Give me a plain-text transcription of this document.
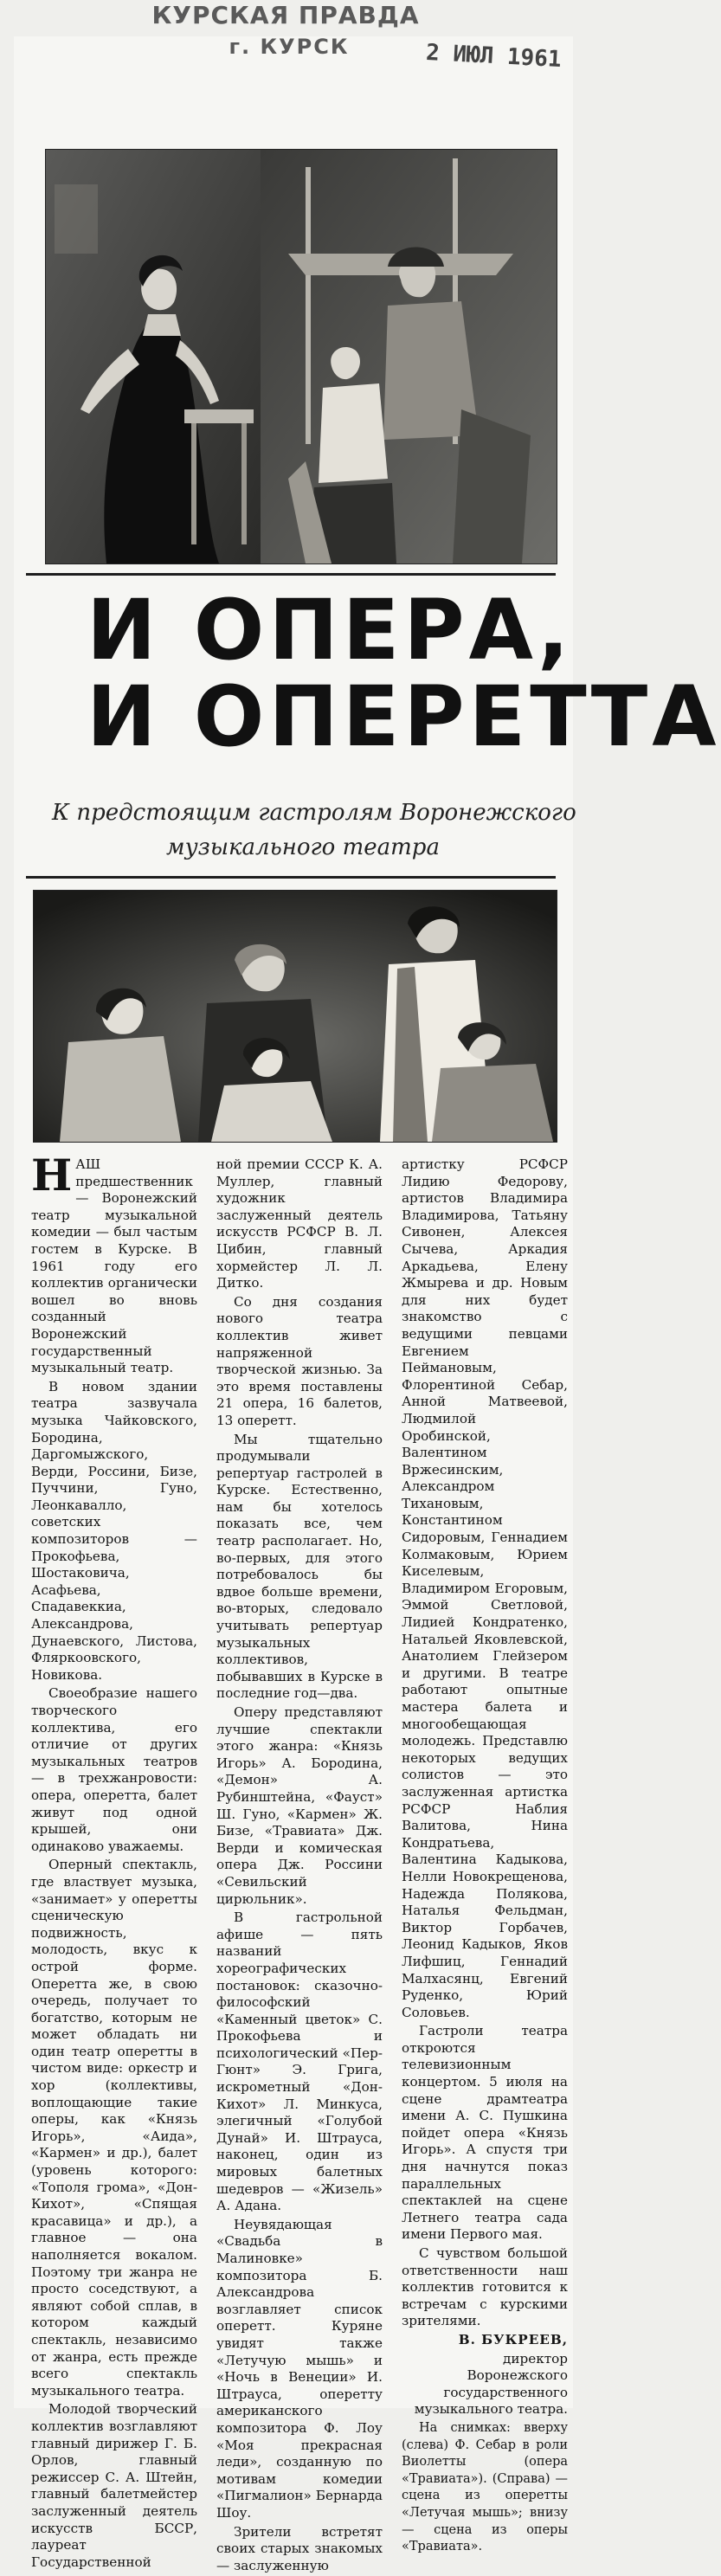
КУРСКАЯ ПРАВДА
г. КУРСК	2 ИЮЛ 1961
И ОПЕРА,
И ОПЕРЕТТА
К предстоящим гастролям Воронежского
музыкального театра

НАШ предшественник — Воронежский театр музыкальной комедии — был частым гостем в Курске. В 1961 году его коллектив органически вошел во вновь созданный Воронежский государственный музыкальный театр.

В новом здании театра зазвучала музыка Чайковского, Бородина, Даргомыжского, Верди, Россини, Бизе, Пуччини, Гуно, Леонкавалло, советских композиторов — Прокофьева, Шостаковича, Асафьева, Спадавеккиа, Александрова, Дунаевского, Листова, Фляркоовского, Новикова.

Своеобразие нашего творческого коллектива, его отличие от других музыкальных театров — в трехжанровости: опера, оперетта, балет живут под одной крышей, они одинаково уважаемы.

Оперный спектакль, где властвует музыка, «занимает» у оперетты сценическую подвижность, молодость, вкус к острой форме. Оперетта же, в свою очередь, получает то богатство, которым не может обладать ни один театр оперетты в чистом виде: оркестр и хор (коллективы, воплощающие такие оперы, как «Князь Игорь», «Аида», «Кармен» и др.), балет (уровень которого: «Тополя грома», «Дон-Кихот», «Спящая красавица» и др.), а главное — она наполняется вокалом. Поэтому три жанра не просто соседствуют, а являют собой сплав, в котором каждый спектакль, независимо от жанра, есть прежде всего спектакль музыкального театра.

Молодой творческий коллектив возглавляют главный дирижер Г. Б. Орлов, главный режиссер С. А. Штейн, главный балетмейстер заслуженный деятель искусств БССР, лауреат Государственной

ной премии СССР К. А. Муллер, главный художник заслуженный деятель искусств РСФСР В. Л. Цибин, главный хормейстер Л. Л. Дитко.

Со дня создания нового театра коллектив живет напряженной творческой жизнью. За это время поставлены 21 опера, 16 балетов, 13 оперетт.

Мы тщательно продумывали репертуар гастролей в Курске. Естественно, нам бы хотелось показать все, чем театр располагает. Но, во-первых, для этого потребовалось бы вдвое больше времени, во-вторых, следовало учитывать репертуар музыкальных коллективов, побывавших в Курске в последние год—два.

Оперу представляют лучшие спектакли этого жанра: «Князь Игорь» А. Бородина, «Демон» А. Рубинштейна, «Фауст» Ш. Гуно, «Кармен» Ж. Бизе, «Травиата» Дж. Верди и комическая опера Дж. Россини «Севильский цирюльник».

В гастрольной афише — пять названий хореографических постановок: сказочно-философский «Каменный цветок» С. Прокофьева и психологический «Пер-Гюнт» Э. Грига, искрометный «Дон-Кихот» Л. Минкуса, элегичный «Голубой Дунай» И. Штрауса, наконец, один из мировых балетных шедевров — «Жизель» А. Адана.

Неувядающая «Свадьба в Малиновке» композитора Б. Александрова возглавляет список оперетт. Куряне увидят также «Летучую мышь» и «Ночь в Венеции» И. Штрауса, оперетту американского композитора Ф. Лоу «Моя прекрасная леди», созданную по мотивам комедии «Пигмалион» Бернарда Шоу.

Зрители встретят своих старых знакомых — заслуженную

артистку РСФСР Лидию Федорову, артистов Владимира Владимирова, Татьяну Сивонен, Алексея Сычева, Аркадия Аркадьева, Елену Жмырева и др. Новым для них будет знакомство с ведущими певцами Евгением Пеймановым, Флорентиной Себар, Анной Матвеевой, Людмилой Оробинской, Валентином Вржесинским, Александром Тихановым, Константином Сидоровым, Геннадием Колмаковым, Юрием Киселевым, Владимиром Егоровым, Эммой Светловой, Лидией Кондратенко, Натальей Яковлевской, Анатолием Глейзером и другими. В театре работают опытные мастера балета и многообещающая молодежь. Представлю некоторых ведущих солистов — это заслуженная артистка РСФСР Наблия Валитова, Нина Кондратьева, Валентина Кадыкова, Нелли Новокрещенова, Надежда Полякова, Наталья Фельдман, Виктор Горбачев, Леонид Кадыков, Яков Лифшиц, Геннадий Малхасянц, Евгений Руденко, Юрий Соловьев.

Гастроли театра откроются телевизионным концертом. 5 июля на сцене драмтеатра имени А. С. Пушкина пойдет опера «Князь Игорь». А спустя три дня начнутся показ параллельных спектаклей на сцене Летнего театра сада имени Первого мая.

С чувством большой ответственности наш коллектив готовится к встречам с курскими зрителями.

В. БУКРЕЕВ,

директор Воронежского государственного музыкального театра.

На снимках: вверху (слева) Ф. Себар в роли Виолетты (опера «Травиата»). (Справа) — сцена из оперетты «Летучая мышь»; внизу — сцена из оперы «Травиата».
